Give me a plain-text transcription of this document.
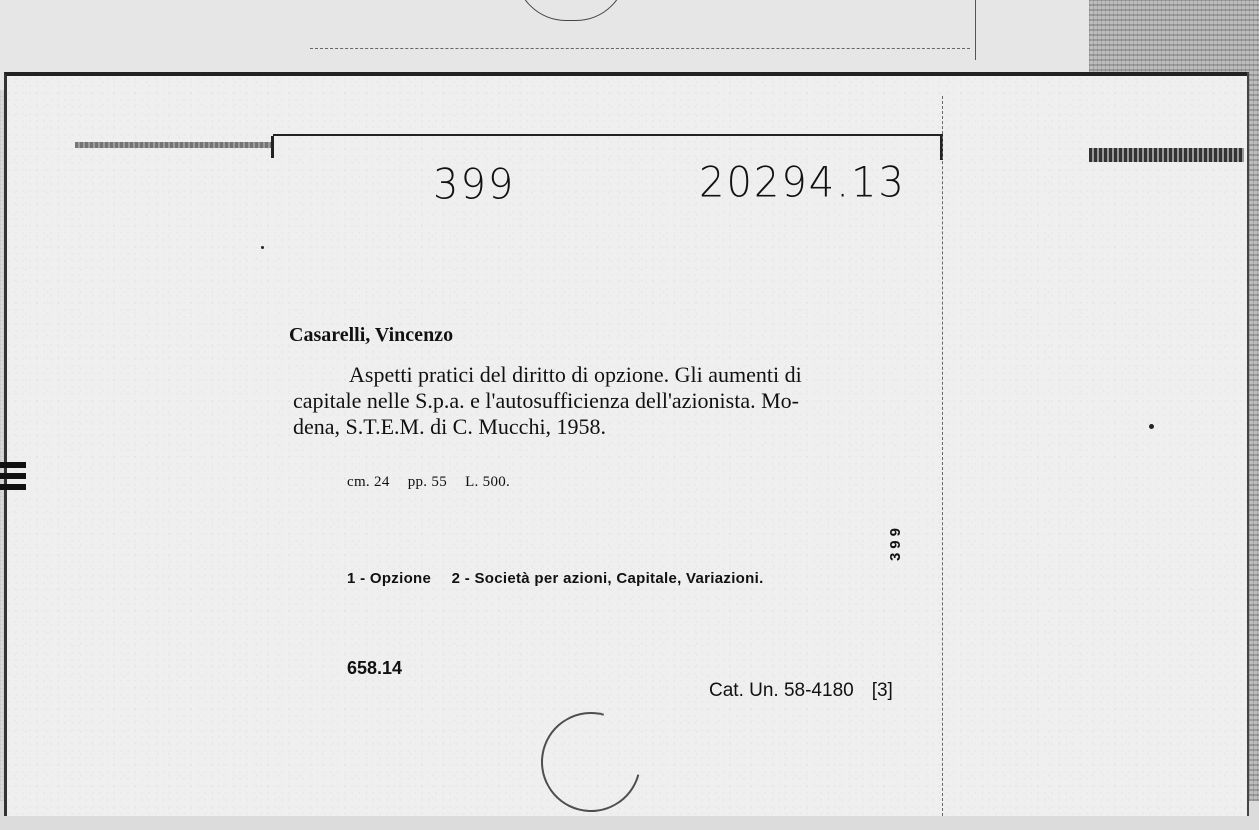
399	20294.13
Casarelli, Vincenzo
Aspetti pratici del diritto di opzione. Gli aumenti di
capitale nelle S.p.a. e l'autosufficienza dell'azionista. Mo-
dena, S.T.E.M. di C. Mucchi, 1958.
cm. 24 pp. 55 L. 500.
399
1 - Opzione 2 - Società per azioni, Capitale, Variazioni.
658.14
Cat. Un. 58-4180 [3]
